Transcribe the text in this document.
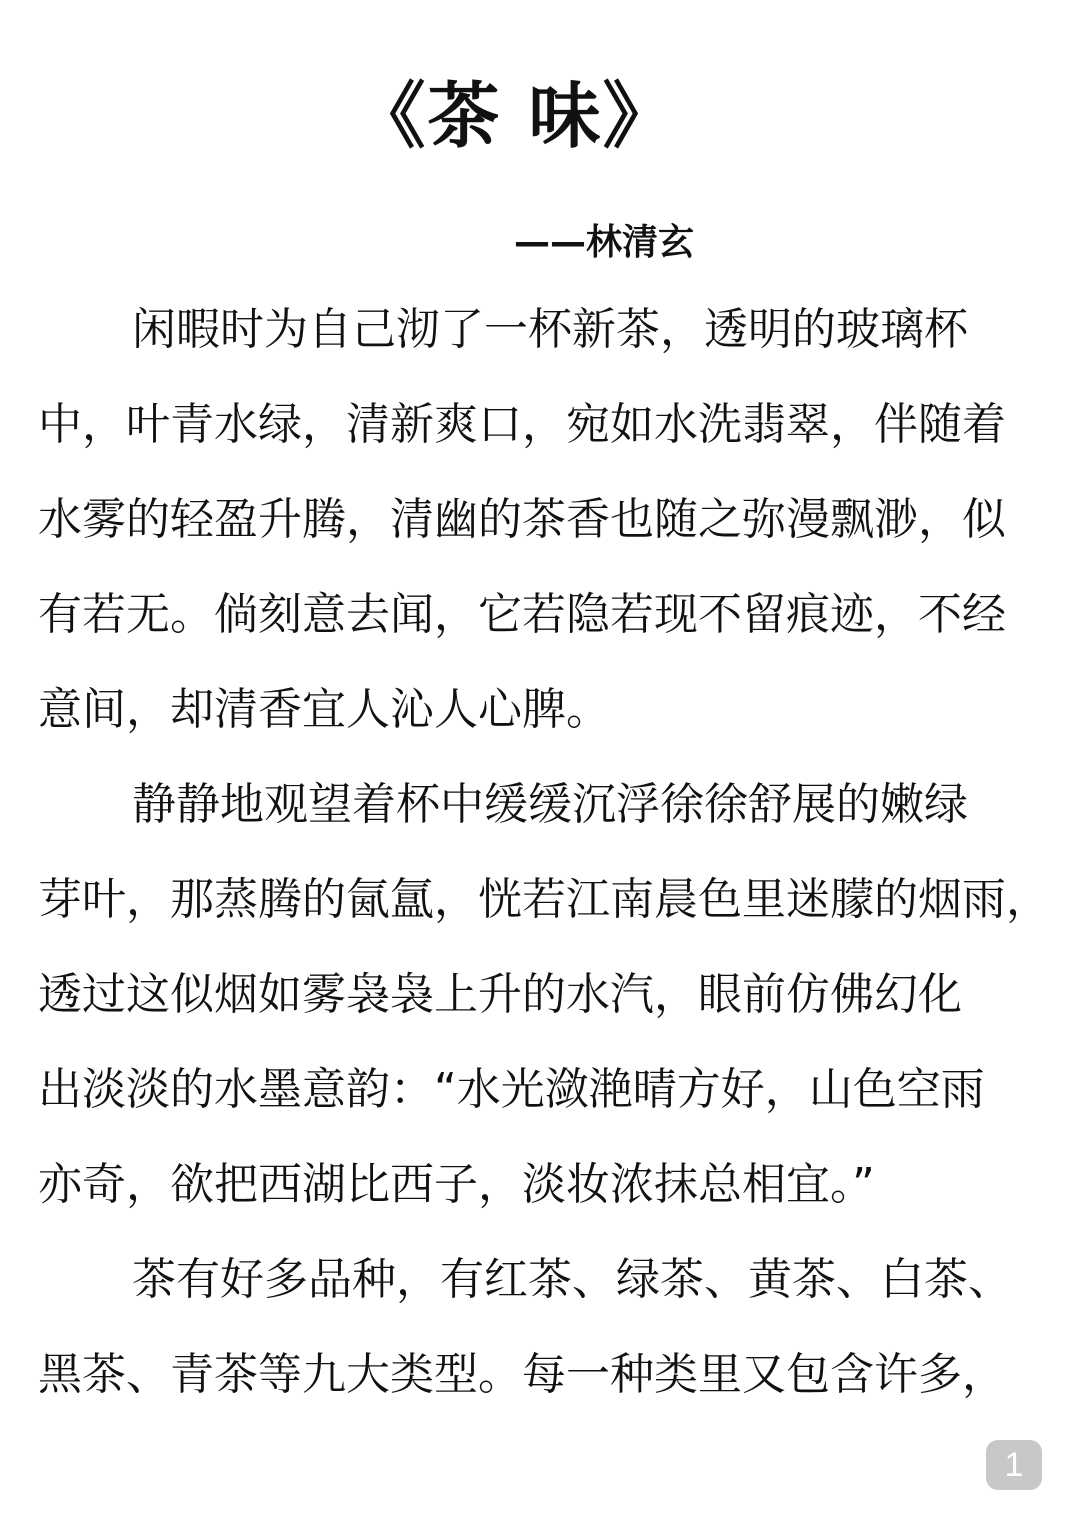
《茶 味》
——林清玄
闲暇时为自己沏了一杯新茶，透明的玻璃杯
中，叶青水绿，清新爽口，宛如水洗翡翠，伴随着
水雾的轻盈升腾，清幽的茶香也随之弥漫飘渺，似
有若无。倘刻意去闻，它若隐若现不留痕迹，不经
意间，却清香宜人沁人心脾。
静静地观望着杯中缓缓沉浮徐徐舒展的嫩绿
芽叶，那蒸腾的氤氲，恍若江南晨色里迷朦的烟雨，
透过这似烟如雾袅袅上升的水汽，眼前仿佛幻化
出淡淡的水墨意韵：“水光潋滟晴方好，山色空雨
亦奇，欲把西湖比西子，淡妆浓抹总相宜。”
茶有好多品种，有红茶、绿茶、黄茶、白茶、
黑茶、青茶等九大类型。每一种类里又包含许多，
1
